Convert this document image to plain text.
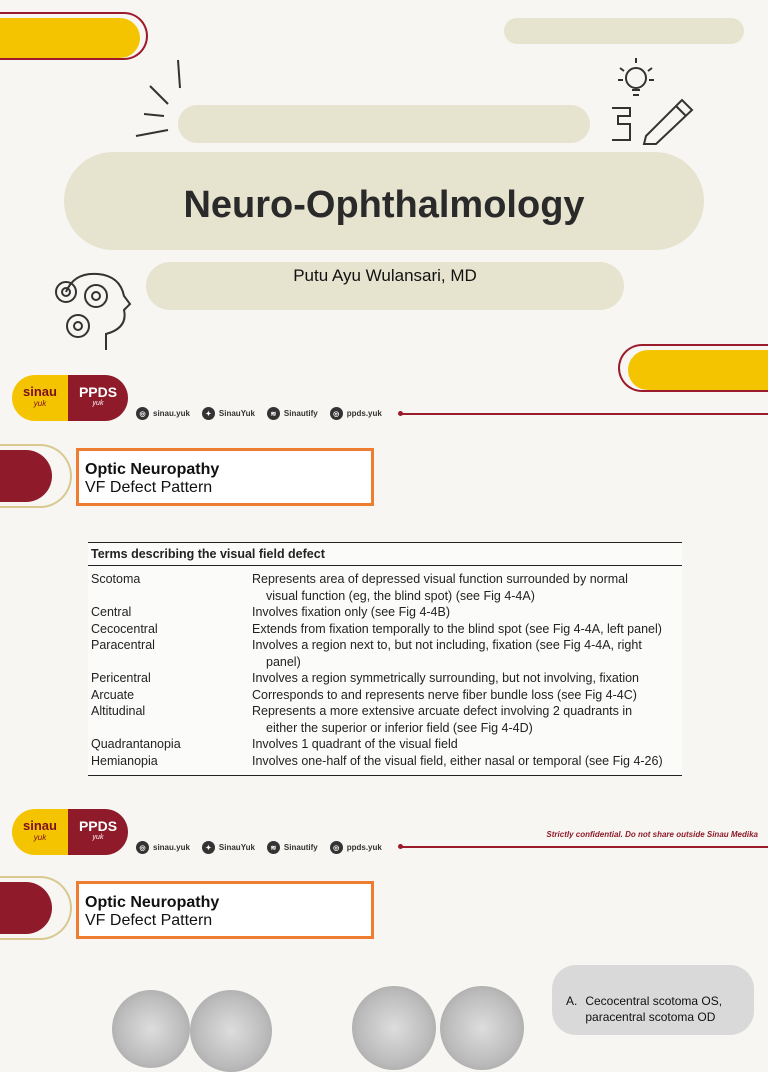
Neuro-Ophthalmology
Putu Ayu Wulansari, MD
sinau
yuk
PPDS
yuk
◎ sinau.yuk	✦ SinauYuk	≋ Sinautify	◎ ppds.yuk
Optic Neuropathy
VF Defect Pattern
Terms describing the visual field defect
Scotoma	Represents area of depressed visual function surrounded by normal
visual function (eg, the blind spot) (see Fig 4-4A)

Central	Involves fixation only (see Fig 4-4B)

Cecocentral	Extends from fixation temporally to the blind spot (see Fig 4-4A, left panel)

Paracentral	Involves a region next to, but not including, fixation (see Fig 4-4A, right
panel)

Pericentral	Involves a region symmetrically surrounding, but not involving, fixation

Arcuate	Corresponds to and represents nerve fiber bundle loss (see Fig 4-4C)

Altitudinal	Represents a more extensive arcuate defect involving 2 quadrants in
either the superior or inferior field (see Fig 4-4D)

Quadrantanopia	Involves 1 quadrant of the visual field

Hemianopia	Involves one-half of the visual field, either nasal or temporal (see Fig 4-26)
sinau
yuk
PPDS
yuk
◎ sinau.yuk	✦ SinauYuk	≋ Sinautify	◎ ppds.yuk
Strictly confidential. Do not share outside Sinau Medika
Optic Neuropathy
VF Defect Pattern
A. Cecocentral scotoma OS,
paracentral scotoma OD
